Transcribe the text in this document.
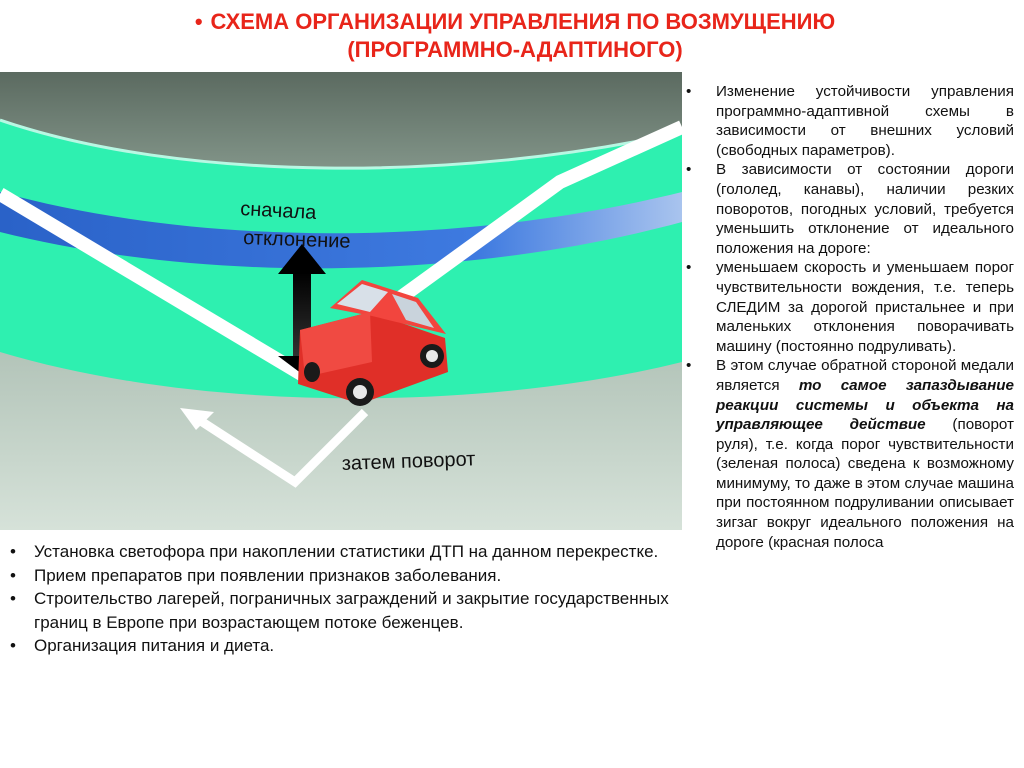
• СХЕМА ОРГАНИЗАЦИИ УПРАВЛЕНИЯ ПО ВОЗМУЩЕНИЮ
(ПРОГРАММНО-АДАПТИНОГО)
сначала
отклонение
затем поворот
• Изменение устойчивости управления программно-адаптивной схемы в зависимости от внешних условий (свободных параметров).
• В зависимости от состоянии дороги (гололед, канавы), наличии резких поворотов, погодных условий, требуется уменьшить отклонение от идеального положения на дороге:
• уменьшаем скорость и уменьшаем порог чувствительности вождения, т.е. теперь СЛЕДИМ за дорогой пристальнее и при маленьких отклонения поворачивать машину (постоянно подруливать).
• В этом случае обратной стороной медали является то самое запаздывание реакции системы и объекта на управляющее действие (поворот руля), т.е. когда порог чувствительности (зеленая полоса) сведена к возможному минимуму, то даже в этом случае машина при постоянном подруливании описывает зигзаг вокруг идеального положения на дороге (красная полоса
• Установка светофора при накоплении статистики ДТП на данном перекрестке.
• Прием препаратов при появлении признаков заболевания.
• Строительство лагерей, пограничных заграждений и закрытие государственных границ в Европе при возрастающем потоке беженцев.
• Организация питания и диета.
